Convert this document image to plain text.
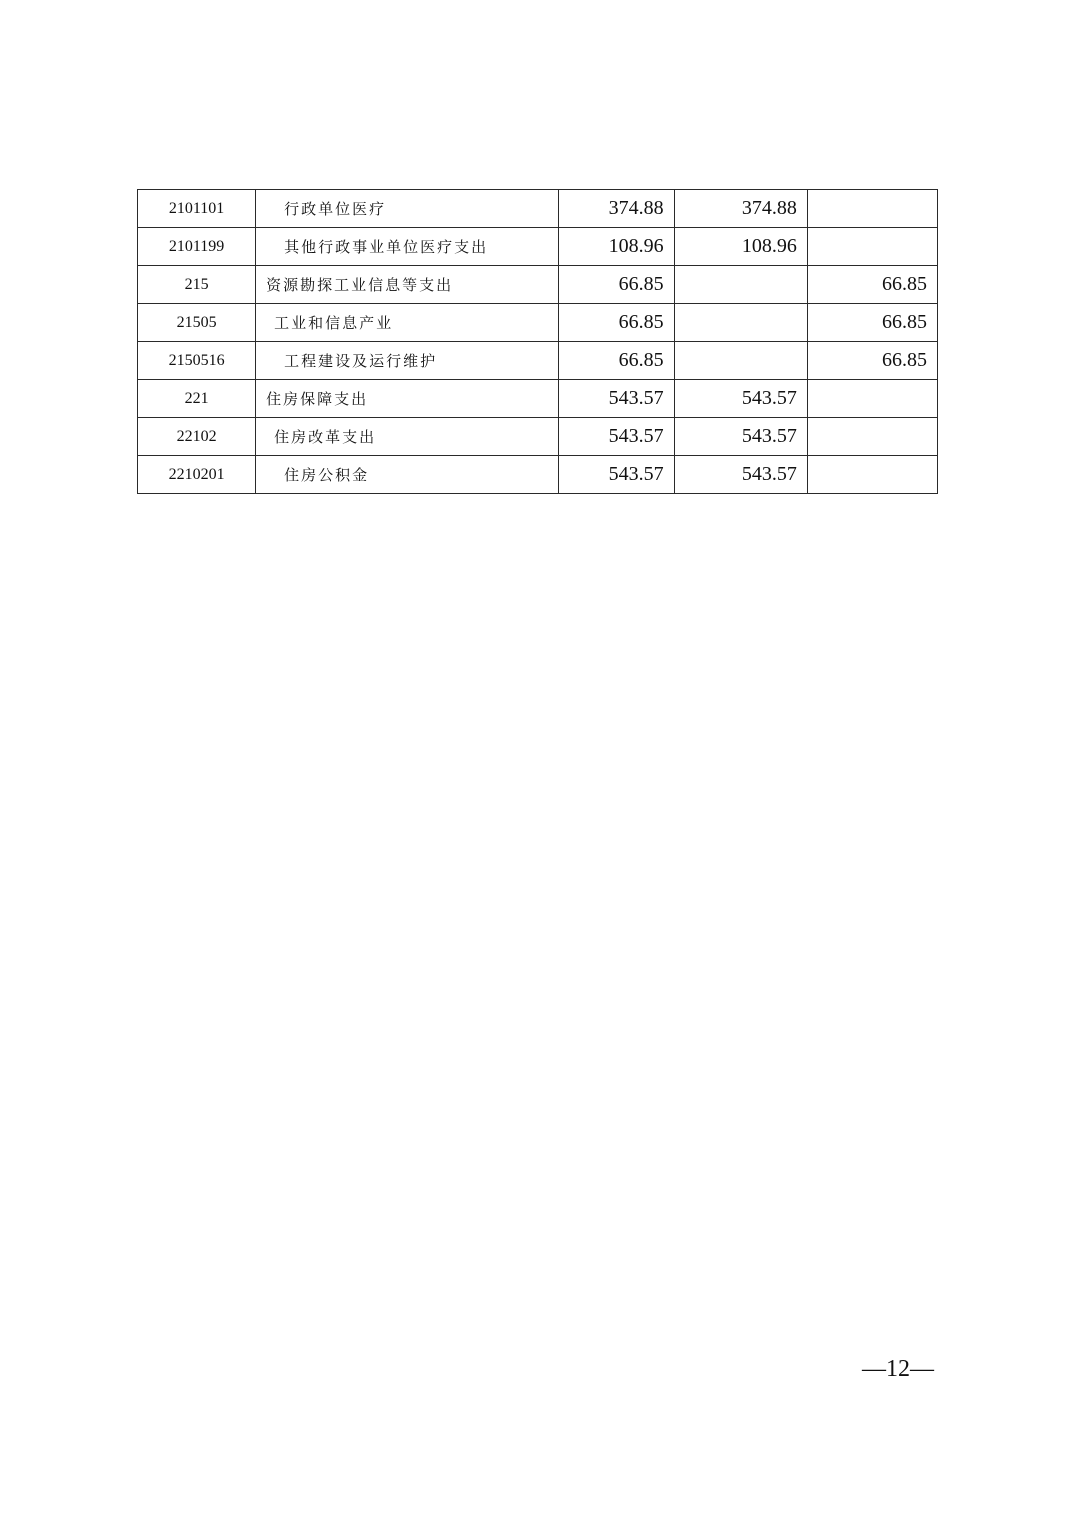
2101101	行政单位医疗	374.88	374.88	
2101199	其他行政事业单位医疗支出	108.96	108.96	
215	资源勘探工业信息等支出	66.85		66.85
21505	工业和信息产业	66.85		66.85
2150516	工程建设及运行维护	66.85		66.85
221	住房保障支出	543.57	543.57	
22102	住房改革支出	543.57	543.57	
2210201	住房公积金	543.57	543.57	
—12—
